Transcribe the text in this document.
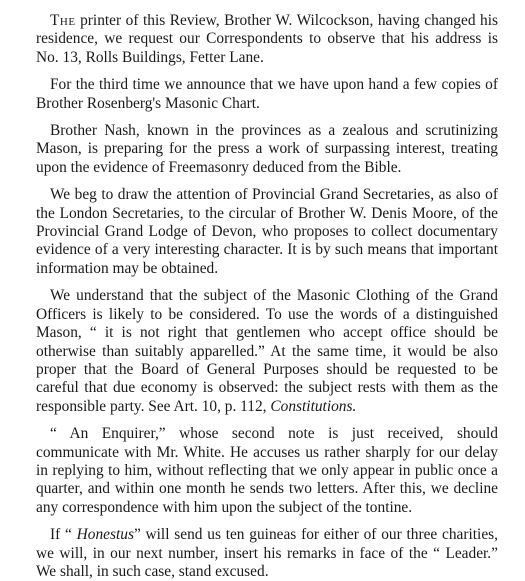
The printer of this Review, Brother W. Wilcockson, having changed his residence, we request our Correspondents to observe that his address is No. 13, Rolls Buildings, Fetter Lane.

For the third time we announce that we have upon hand a few copies of Brother Rosenberg's Masonic Chart.

Brother Nash, known in the provinces as a zealous and scrutinizing Mason, is preparing for the press a work of surpassing interest, treating upon the evidence of Freemasonry deduced from the Bible.

We beg to draw the attention of Provincial Grand Secretaries, as also of the London Secretaries, to the circular of Brother W. Denis Moore, of the Provincial Grand Lodge of Devon, who proposes to collect documentary evidence of a very interesting character. It is by such means that important information may be obtained.

We understand that the subject of the Masonic Clothing of the Grand Officers is likely to be considered. To use the words of a distinguished Mason, “ it is not right that gentlemen who accept office should be otherwise than suitably apparelled.” At the same time, it would be also proper that the Board of General Purposes should be requested to be careful that due economy is observed: the subject rests with them as the responsible party. See Art. 10, p. 112, Constitutions.

“ An Enquirer,” whose second note is just received, should communicate with Mr. White. He accuses us rather sharply for our delay in replying to him, without reflecting that we only appear in public once a quarter, and within one month he sends two letters. After this, we decline any correspondence with him upon the subject of the tontine.

If “ Honestus” will send us ten guineas for either of our three charities, we will, in our next number, insert his remarks in face of the “ Leader.” We shall, in such case, stand excused.
